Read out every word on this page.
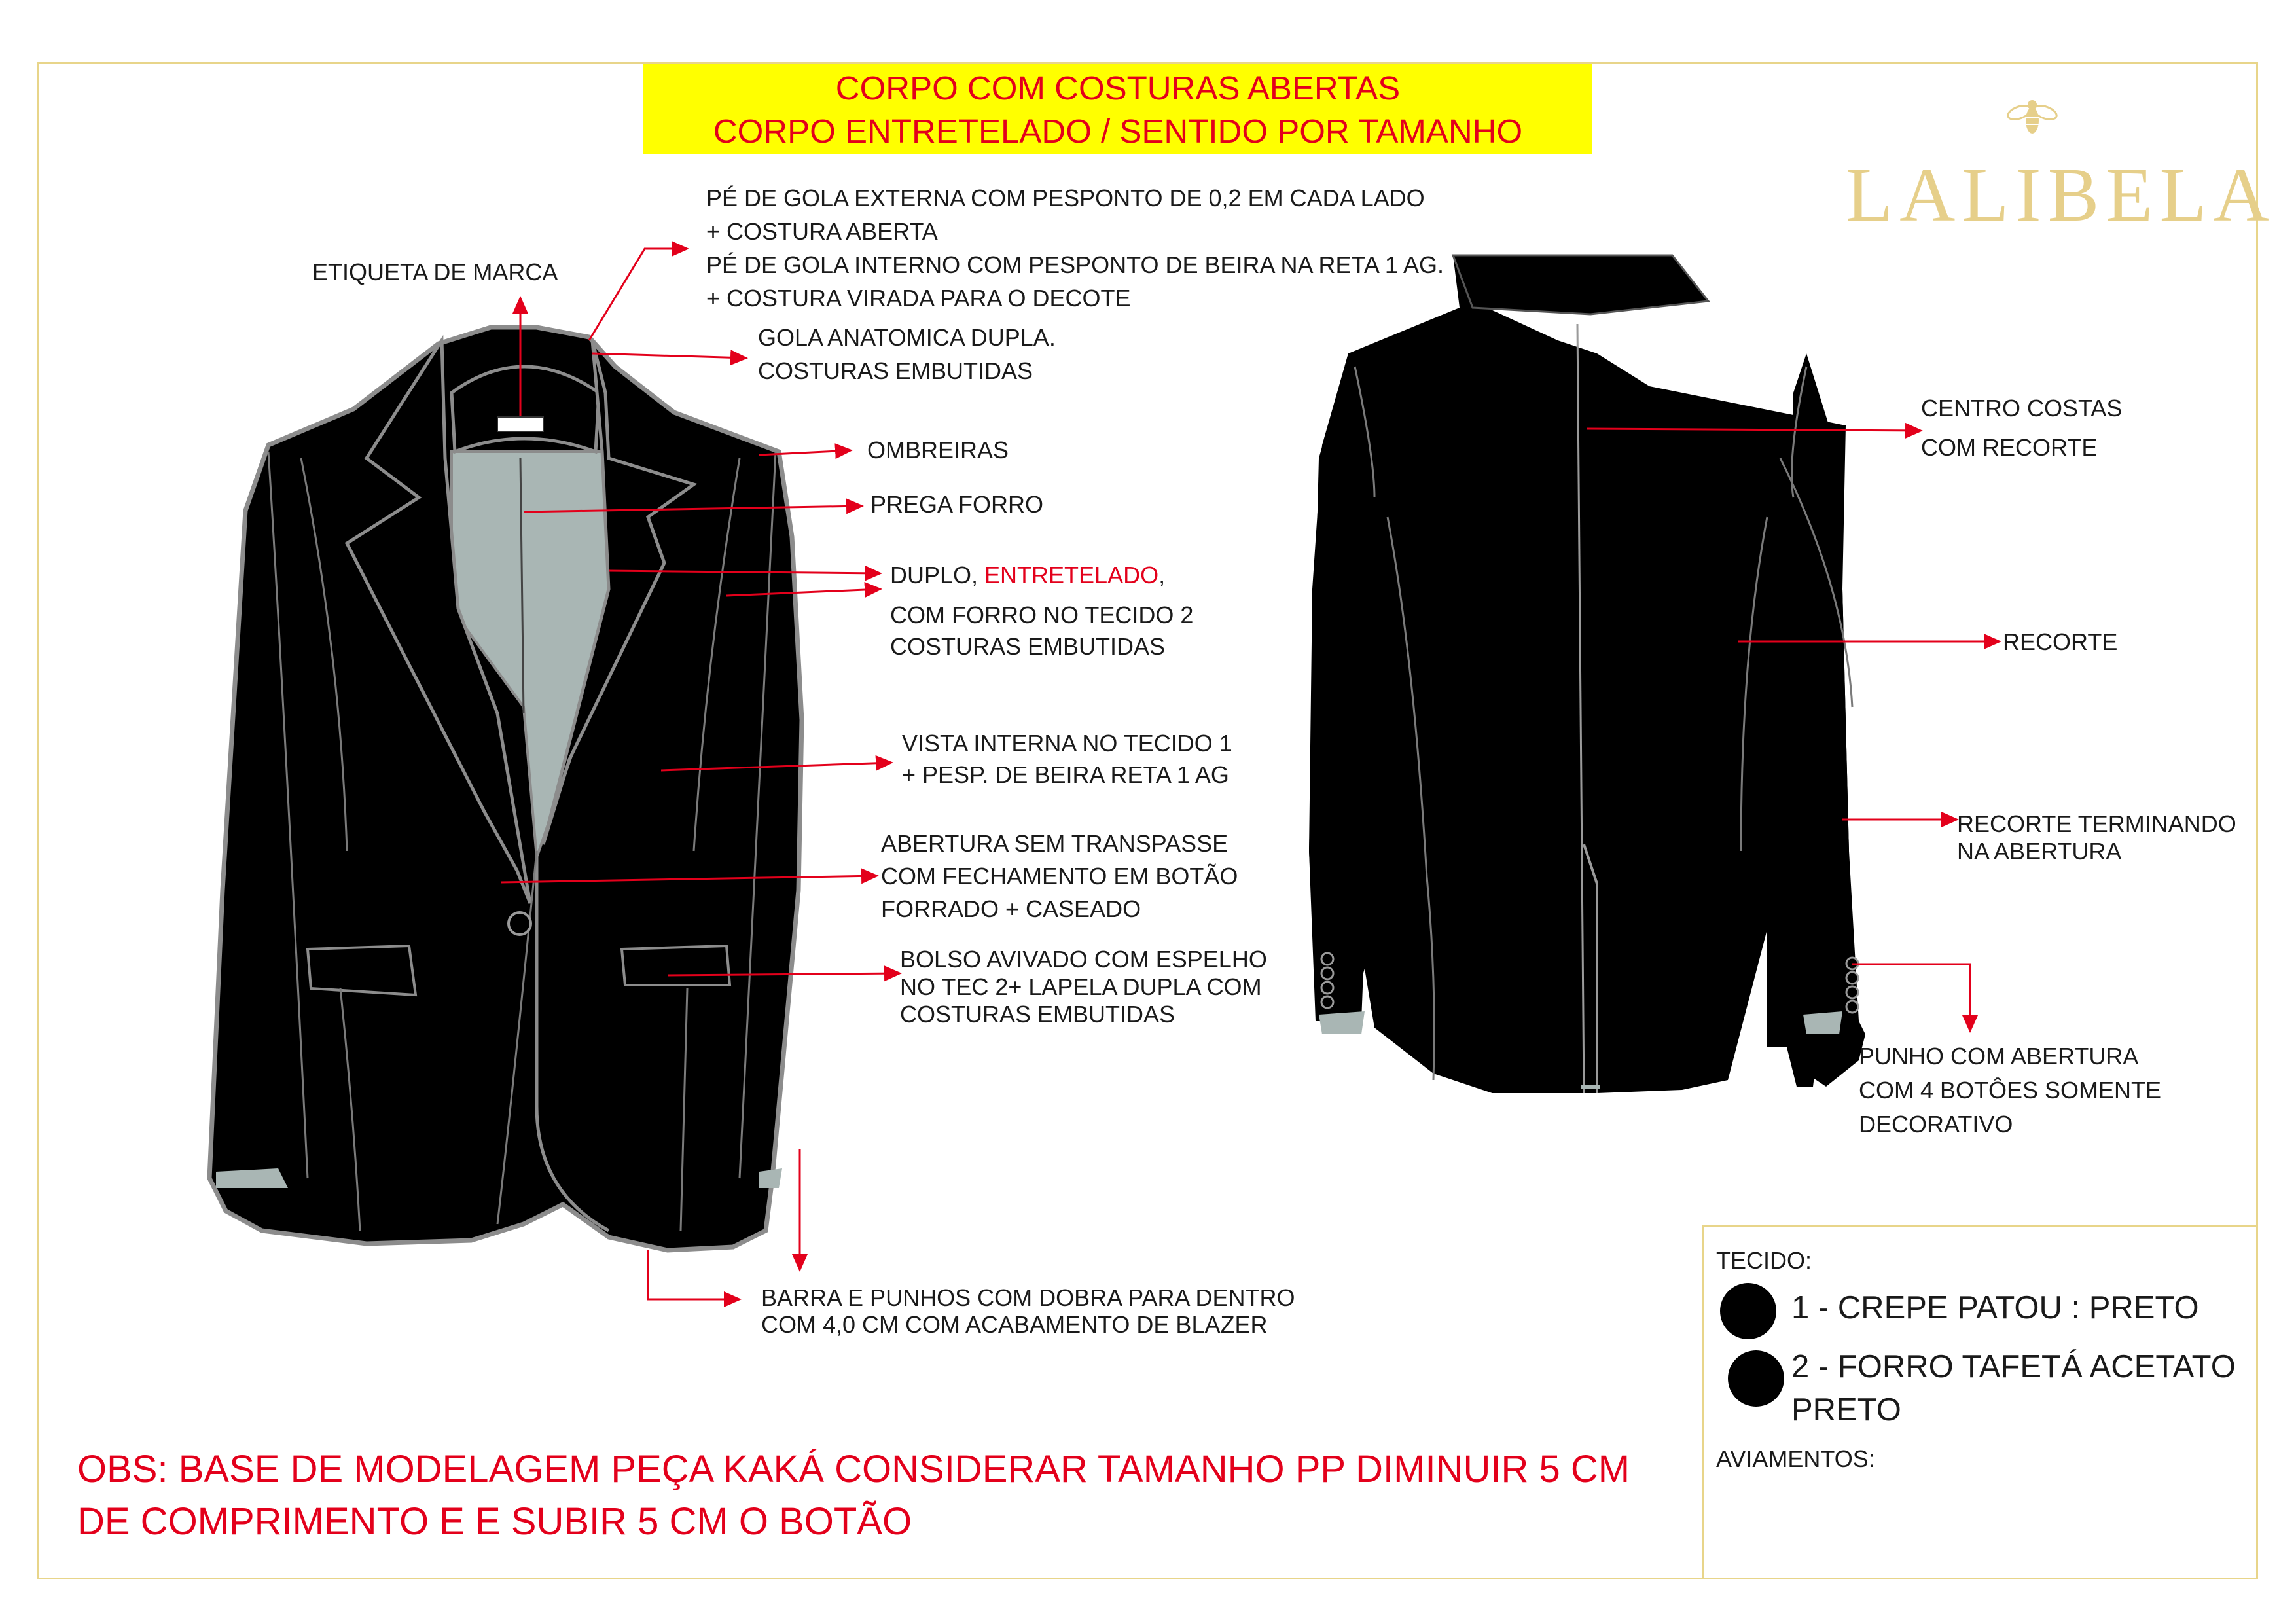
CORPO COM COSTURAS ABERTAS
CORPO ENTRETELADO / SENTIDO POR TAMANHO
LALIBELA
ETIQUETA DE MARCA
PÉ DE GOLA EXTERNA COM PESPONTO DE 0,2 EM CADA LADO
+ COSTURA ABERTA
PÉ DE GOLA INTERNO COM PESPONTO DE BEIRA NA RETA 1 AG.
+ COSTURA VIRADA PARA O DECOTE
GOLA ANATOMICA DUPLA.
COSTURAS EMBUTIDAS
OMBREIRAS
PREGA FORRO
DUPLO, ENTRETELADO,
COM FORRO NO TECIDO 2
COSTURAS EMBUTIDAS
VISTA INTERNA NO TECIDO 1
+ PESP. DE BEIRA RETA 1 AG
ABERTURA SEM TRANSPASSE
COM FECHAMENTO EM BOTÃO
FORRADO + CASEADO
BOLSO AVIVADO COM ESPELHO
NO TEC 2+ LAPELA DUPLA COM
COSTURAS EMBUTIDAS
BARRA E PUNHOS COM DOBRA PARA DENTRO
COM 4,0 CM COM ACABAMENTO DE BLAZER
CENTRO COSTAS
COM RECORTE
RECORTE
RECORTE TERMINANDO
NA ABERTURA
PUNHO COM ABERTURA
COM 4 BOTÔES SOMENTE
DECORATIVO
OBS: BASE DE MODELAGEM PEÇA KAKÁ CONSIDERAR TAMANHO PP DIMINUIR 5 CM
DE COMPRIMENTO E E SUBIR 5 CM O BOTÃO
TECIDO:
1 - CREPE PATOU : PRETO
2 - FORRO TAFETÁ ACETATO
PRETO
AVIAMENTOS:
